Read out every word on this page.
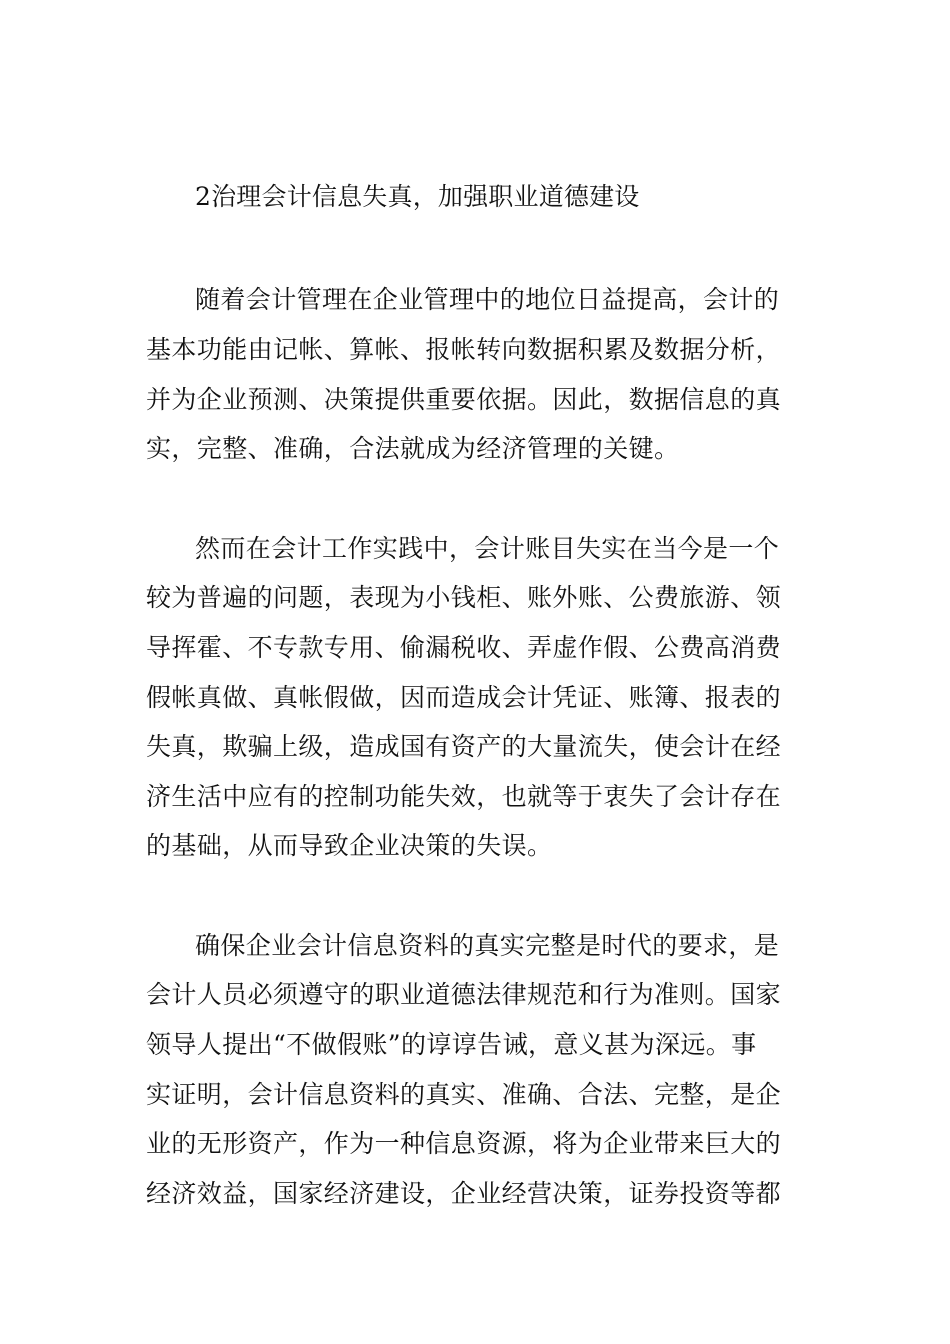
2治理会计信息失真，加强职业道德建设

随着会计管理在企业管理中的地位日益提高，会计的

基本功能由记帐、算帐、报帐转向数据积累及数据分析，

并为企业预测、决策提供重要依据。因此，数据信息的真

实，完整、准确，合法就成为经济管理的关键。

然而在会计工作实践中，会计账目失实在当今是一个

较为普遍的问题，表现为小钱柜、账外账、公费旅游、领

导挥霍、不专款专用、偷漏税收、弄虚作假、公费高消费

假帐真做、真帐假做，因而造成会计凭证、账簿、报表的

失真，欺骗上级，造成国有资产的大量流失，使会计在经

济生活中应有的控制功能失效，也就等于衷失了会计存在

的基础，从而导致企业决策的失误。

确保企业会计信息资料的真实完整是时代的要求，是

会计人员必须遵守的职业道德法律规范和行为准则。国家

领导人提出“不做假账”的谆谆告诫，意义甚为深远。事

实证明，会计信息资料的真实、准确、合法、完整，是企

业的无形资产，作为一种信息资源，将为企业带来巨大的

经济效益，国家经济建设，企业经营决策，证券投资等都
